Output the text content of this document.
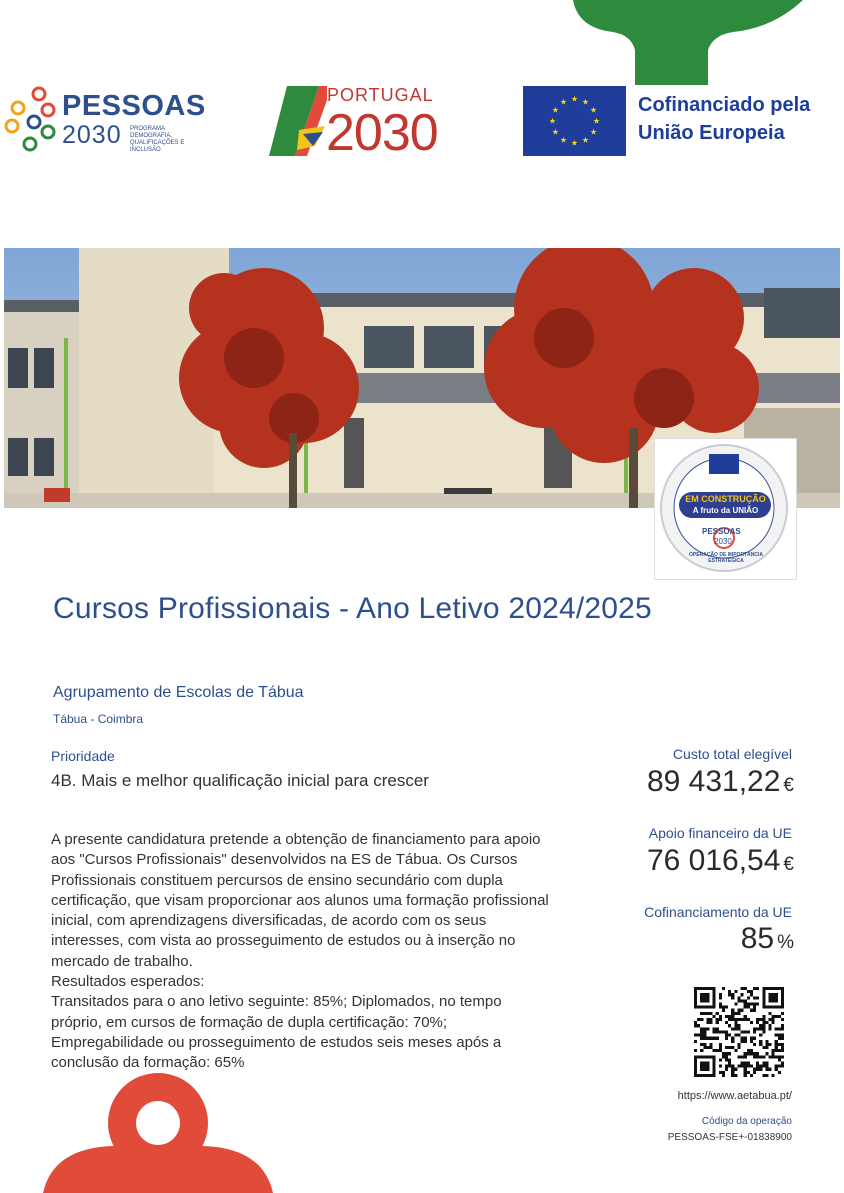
PESSOAS
2030 PROGRAMA DEMOGRAFIA, QUALIFICAÇÕES E INCLUSÃO
PORTUGAL
2030	Cofinanciado pela
União Europeia
EM CONSTRUÇÃO
A fruto da UNIÃO
PESSOAS
2030
OPERAÇÃO DE IMPORTÂNCIA ESTRATÉGICA
Cursos Profissionais - Ano Letivo 2024/2025
Agrupamento de Escolas de Tábua
Tábua - Coimbra
Prioridade
4B. Mais e melhor qualificação inicial para crescer

A presente candidatura pretende a obtenção de financiamento para apoio aos "Cursos Profissionais" desenvolvidos na ES de Tábua. Os Cursos Profissionais constituem percursos de ensino secundário com dupla certificação, que visam proporcionar aos alunos uma formação profissional inicial, com aprendizagens diversificadas, de acordo com os seus interesses, com vista ao prosseguimento de estudos ou à inserção no mercado de trabalho.

Resultados esperados:

Transitados para o ano letivo seguinte: 85%; Diplomados, no tempo próprio, em cursos de formação de dupla certificação: 70%; Empregabilidade ou prosseguimento de estudos seis meses após a conclusão da formação: 65%

Custo total elegível
89 431,22 €
Apoio financeiro da UE
76 016,54 €
Cofinanciamento da UE
85 %
https://www.aetabua.pt/
Código da operação
PESSOAS-FSE+-01838900
